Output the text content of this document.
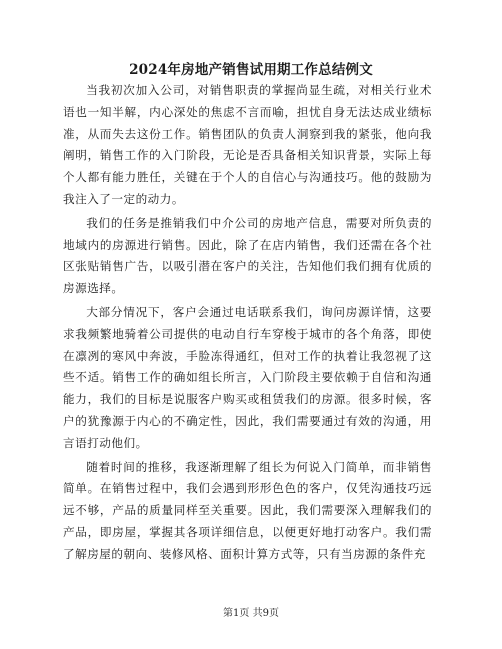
2024年房地产销售试用期工作总结例文

当我初次加入公司，对销售职责的掌握尚显生疏，对相关行业术语也一知半解，内心深处的焦虑不言而喻，担忧自身无法达成业绩标准，从而失去这份工作。销售团队的负责人洞察到我的紧张，他向我阐明，销售工作的入门阶段，无论是否具备相关知识背景，实际上每个人都有能力胜任，关键在于个人的自信心与沟通技巧。他的鼓励为我注入了一定的动力。

我们的任务是推销我们中介公司的房地产信息，需要对所负责的地域内的房源进行销售。因此，除了在店内销售，我们还需在各个社区张贴销售广告，以吸引潜在客户的关注，告知他们我们拥有优质的房源选择。

大部分情况下，客户会通过电话联系我们，询问房源详情，这要求我频繁地骑着公司提供的电动自行车穿梭于城市的各个角落，即使在凛冽的寒风中奔波，手脸冻得通红，但对工作的执着让我忽视了这些不适。销售工作的确如组长所言，入门阶段主要依赖于自信和沟通能力，我们的目标是说服客户购买或租赁我们的房源。很多时候，客户的犹豫源于内心的不确定性，因此，我们需要通过有效的沟通，用言语打动他们。

随着时间的推移，我逐渐理解了组长为何说入门简单，而非销售简单。在销售过程中，我们会遇到形形色色的客户，仅凭沟通技巧远远不够，产品的质量同样至关重要。因此，我们需要深入理解我们的产品，即房屋，掌握其各项详细信息，以便更好地打动客户。我们需了解房屋的朝向、装修风格、面积计算方式等，只有当房源的条件充

第1页 共9页
